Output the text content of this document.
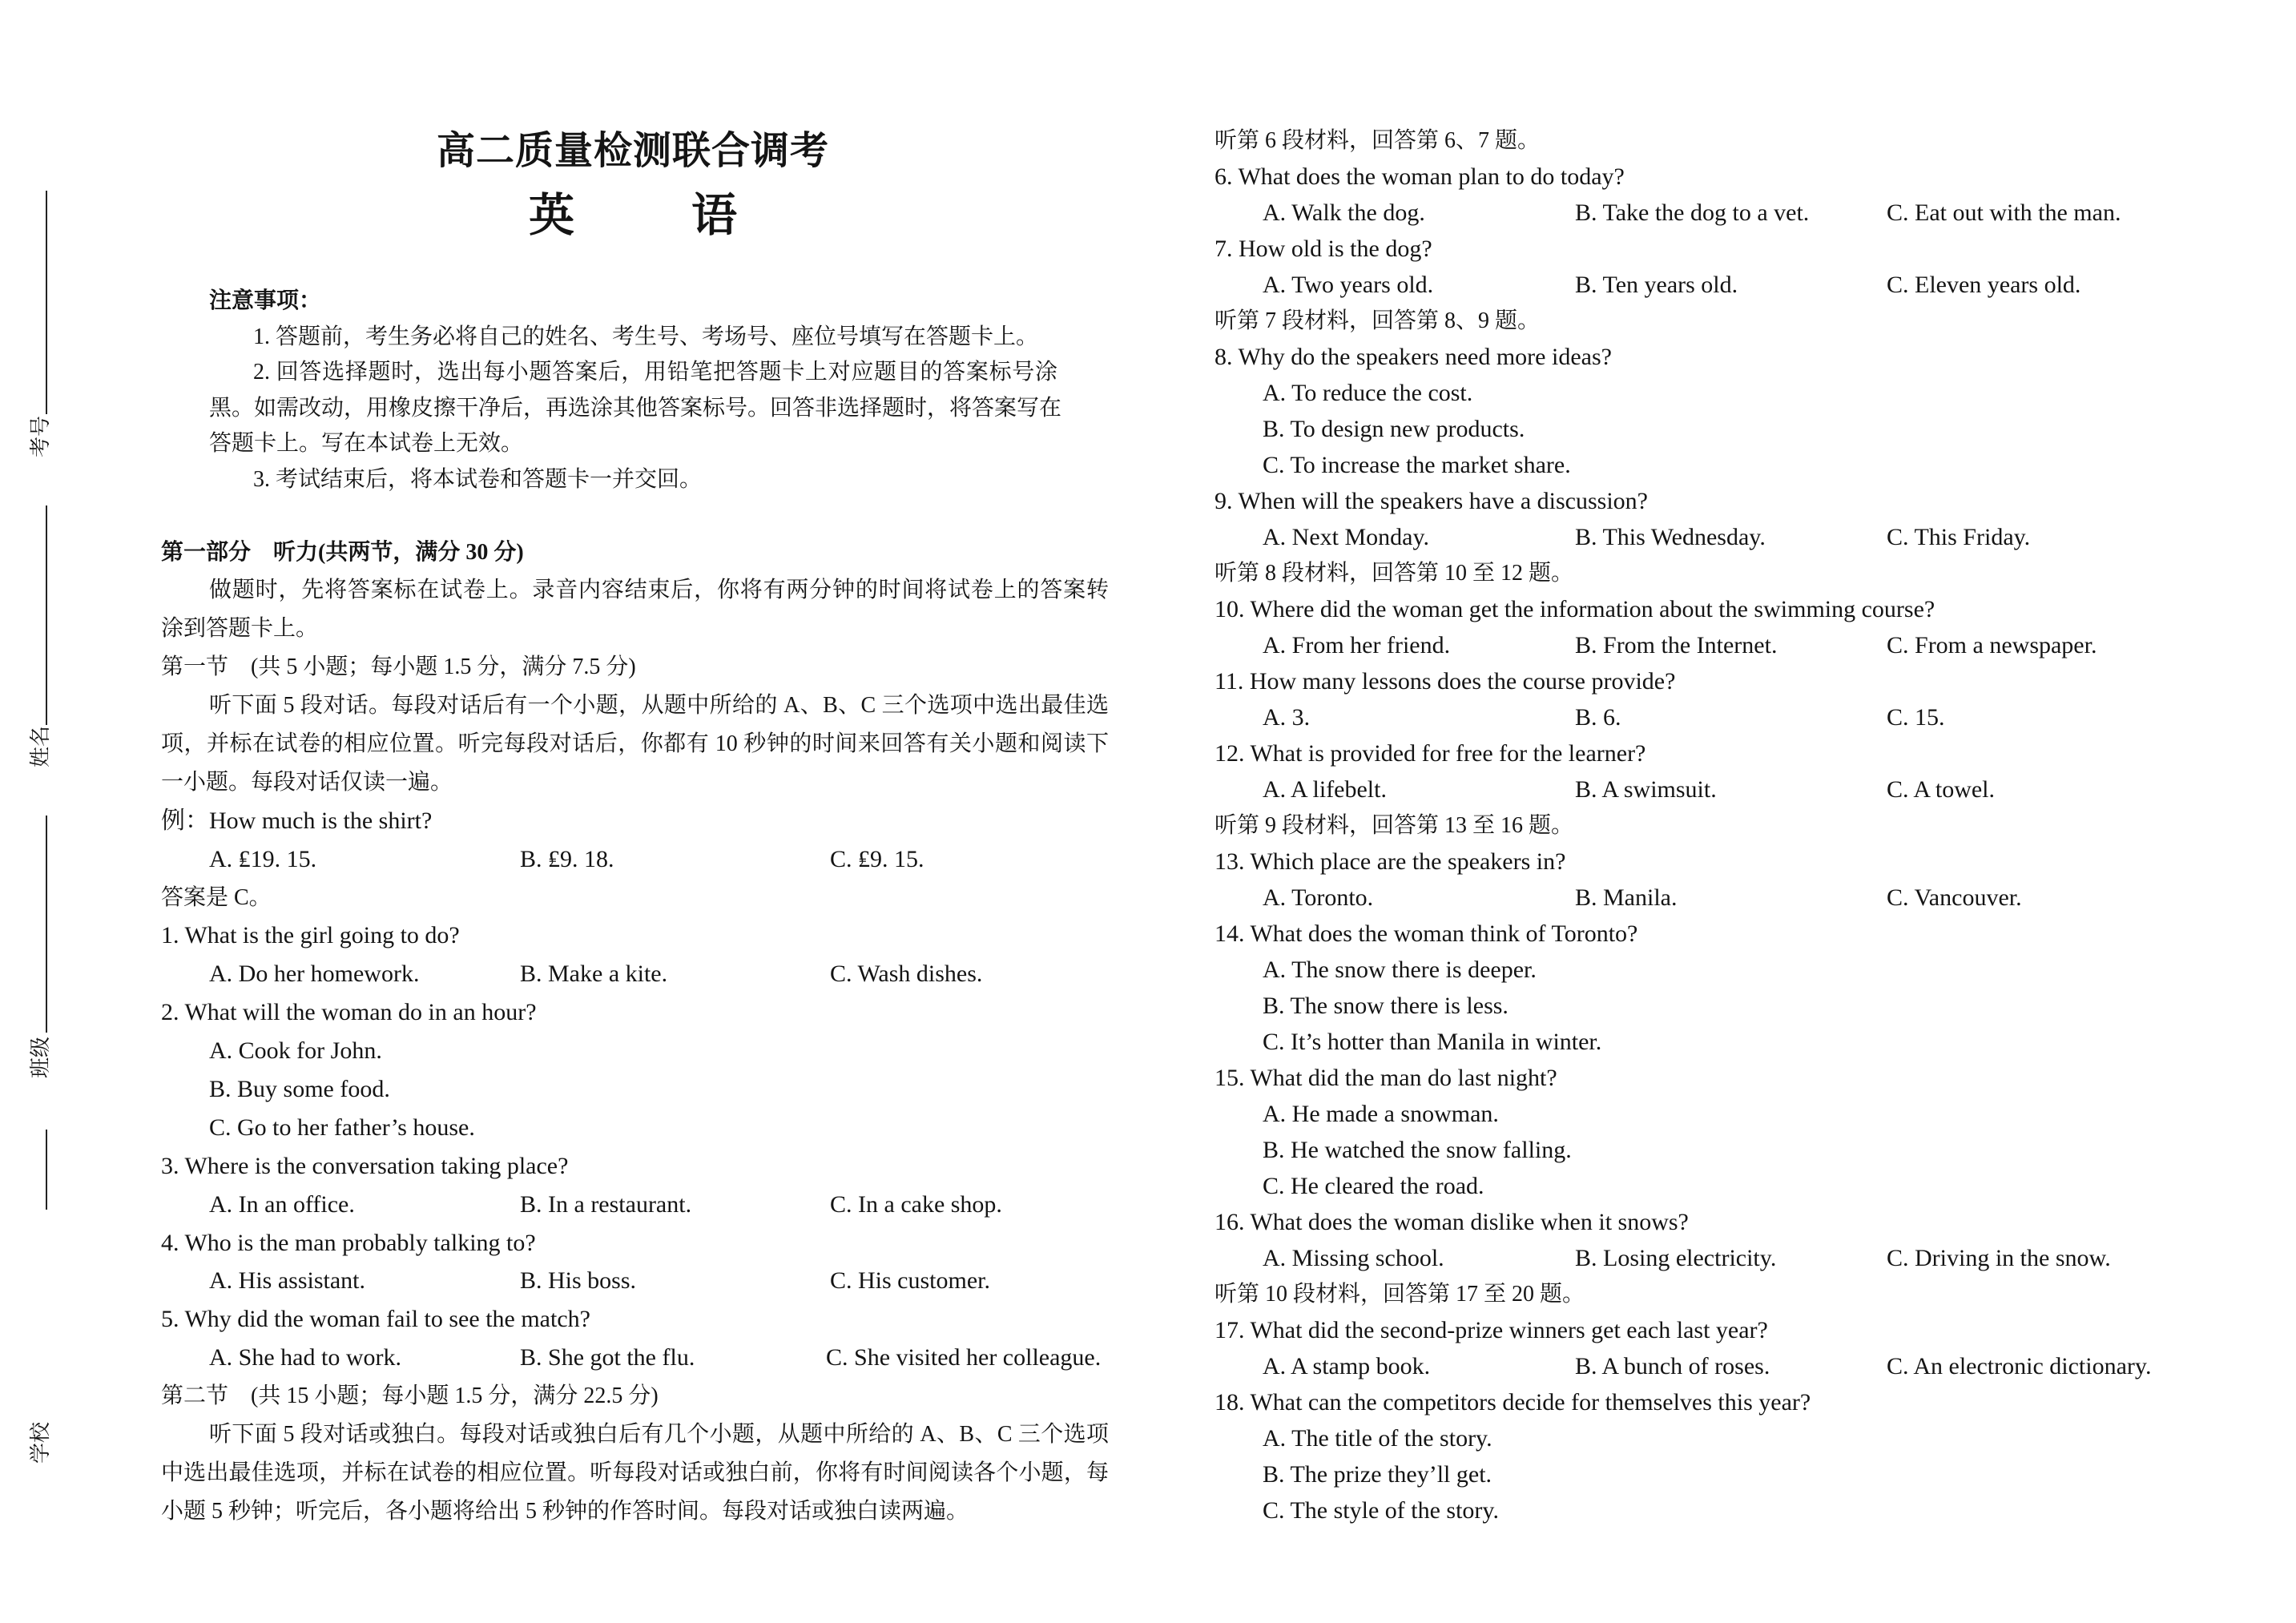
考号
姓名
班级
学校
高二质量检测联合调考
英语
注意事项：
1. 答题前，考生务必将自己的姓名、考生号、考场号、座位号填写在答题卡上。
2. 回答选择题时，选出每小题答案后，用铅笔把答题卡上对应题目的答案标号涂
黑。如需改动，用橡皮擦干净后，再选涂其他答案标号。回答非选择题时，将答案写在
答题卡上。写在本试卷上无效。
3. 考试结束后，将本试卷和答题卡一并交回。
第一部分　听力(共两节，满分 30 分)
做题时，先将答案标在试卷上。录音内容结束后，你将有两分钟的时间将试卷上的答案转
涂到答题卡上。
第一节　(共 5 小题；每小题 1.5 分，满分 7.5 分)
听下面 5 段对话。每段对话后有一个小题，从题中所给的 A、B、C 三个选项中选出最佳选
项，并标在试卷的相应位置。听完每段对话后，你都有 10 秒钟的时间来回答有关小题和阅读下
一小题。每段对话仅读一遍。
例：How much is the shirt?
A. ₤19. 15.	B. ₤9. 18.	C. ₤9. 15.
答案是 C。
1. What is the girl going to do?
A. Do her homework.	B. Make a kite.	C. Wash dishes.
2. What will the woman do in an hour?
A. Cook for John.
B. Buy some food.
C. Go to her father’s house.
3. Where is the conversation taking place?
A. In an office.	B. In a restaurant.	C. In a cake shop.
4. Who is the man probably talking to?
A. His assistant.	B. His boss.	C. His customer.
5. Why did the woman fail to see the match?
A. She had to work.	B. She got the flu.	C. She visited her colleague.
第二节　(共 15 小题；每小题 1.5 分，满分 22.5 分)
听下面 5 段对话或独白。每段对话或独白后有几个小题，从题中所给的 A、B、C 三个选项
中选出最佳选项，并标在试卷的相应位置。听每段对话或独白前，你将有时间阅读各个小题，每
小题 5 秒钟；听完后，各小题将给出 5 秒钟的作答时间。每段对话或独白读两遍。
听第 6 段材料，回答第 6、7 题。
6. What does the woman plan to do today?
A. Walk the dog.	B. Take the dog to a vet.	C. Eat out with the man.
7. How old is the dog?
A. Two years old.	B. Ten years old.	C. Eleven years old.
听第 7 段材料，回答第 8、9 题。
8. Why do the speakers need more ideas?
A. To reduce the cost.
B. To design new products.
C. To increase the market share.
9. When will the speakers have a discussion?
A. Next Monday.	B. This Wednesday.	C. This Friday.
听第 8 段材料，回答第 10 至 12 题。
10. Where did the woman get the information about the swimming course?
A. From her friend.	B. From the Internet.	C. From a newspaper.
11. How many lessons does the course provide?
A. 3.	B. 6.	C. 15.
12. What is provided for free for the learner?
A. A lifebelt.	B. A swimsuit.	C. A towel.
听第 9 段材料，回答第 13 至 16 题。
13. Which place are the speakers in?
A. Toronto.	B. Manila.	C. Vancouver.
14. What does the woman think of Toronto?
A. The snow there is deeper.
B. The snow there is less.
C. It’s hotter than Manila in winter.
15. What did the man do last night?
A. He made a snowman.
B. He watched the snow falling.
C. He cleared the road.
16. What does the woman dislike when it snows?
A. Missing school.	B. Losing electricity.	C. Driving in the snow.
听第 10 段材料，回答第 17 至 20 题。
17. What did the second-prize winners get each last year?
A. A stamp book.	B. A bunch of roses.	C. An electronic dictionary.
18. What can the competitors decide for themselves this year?
A. The title of the story.
B. The prize they’ll get.
C. The style of the story.
